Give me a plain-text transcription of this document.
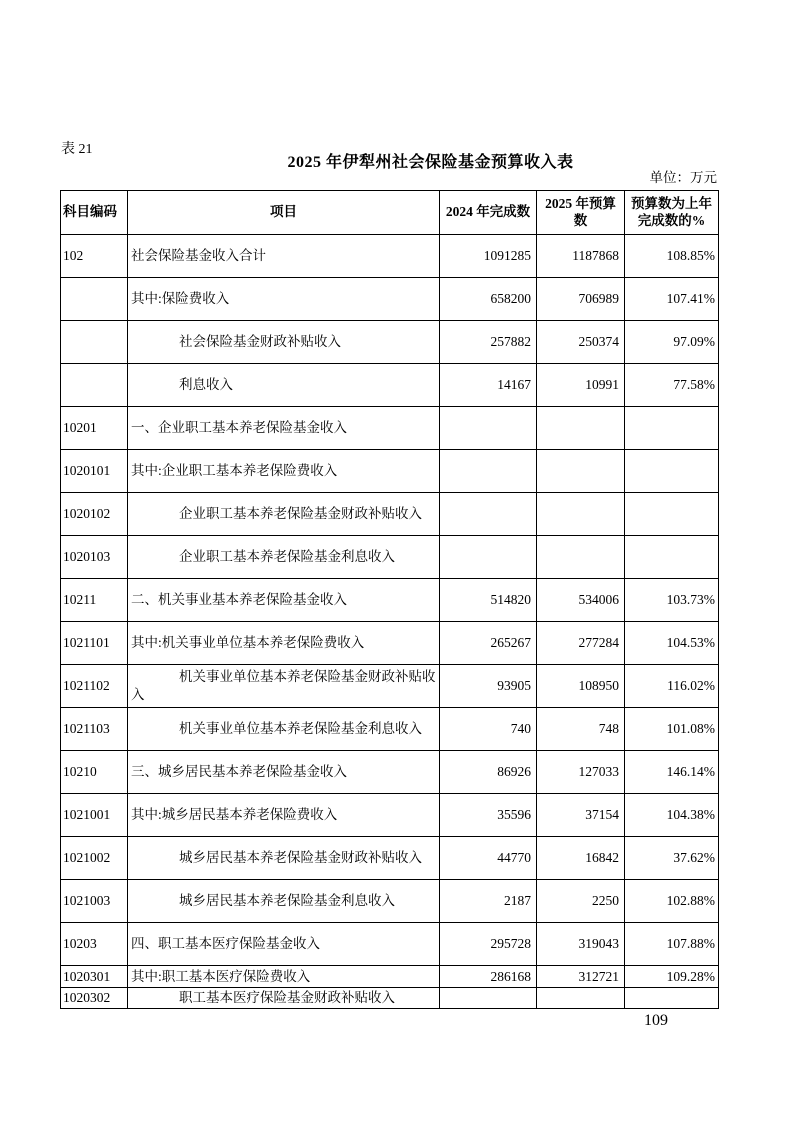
表 21
2025 年伊犁州社会保险基金预算收入表
单位：万元
科目编码	项目	2024 年完成数	2025 年预算数	预算数为上年完成数的%
102	社会保险基金收入合计	1091285	1187868	108.85%
	其中:保险费收入	658200	706989	107.41%
	社会保险基金财政补贴收入	257882	250374	97.09%
	利息收入	14167	10991	77.58%
10201	一、企业职工基本养老保险基金收入			
1020101	其中:企业职工基本养老保险费收入			
1020102	企业职工基本养老保险基金财政补贴收入			
1020103	企业职工基本养老保险基金利息收入			
10211	二、机关事业基本养老保险基金收入	514820	534006	103.73%
1021101	其中:机关事业单位基本养老保险费收入	265267	277284	104.53%
1021102	机关事业单位基本养老保险基金财政补贴收入	93905	108950	116.02%
1021103	机关事业单位基本养老保险基金利息收入	740	748	101.08%
10210	三、城乡居民基本养老保险基金收入	86926	127033	146.14%
1021001	其中:城乡居民基本养老保险费收入	35596	37154	104.38%
1021002	城乡居民基本养老保险基金财政补贴收入	44770	16842	37.62%
1021003	城乡居民基本养老保险基金利息收入	2187	2250	102.88%
10203	四、职工基本医疗保险基金收入	295728	319043	107.88%
1020301	其中:职工基本医疗保险费收入	286168	312721	109.28%
1020302	职工基本医疗保险基金财政补贴收入			
109
